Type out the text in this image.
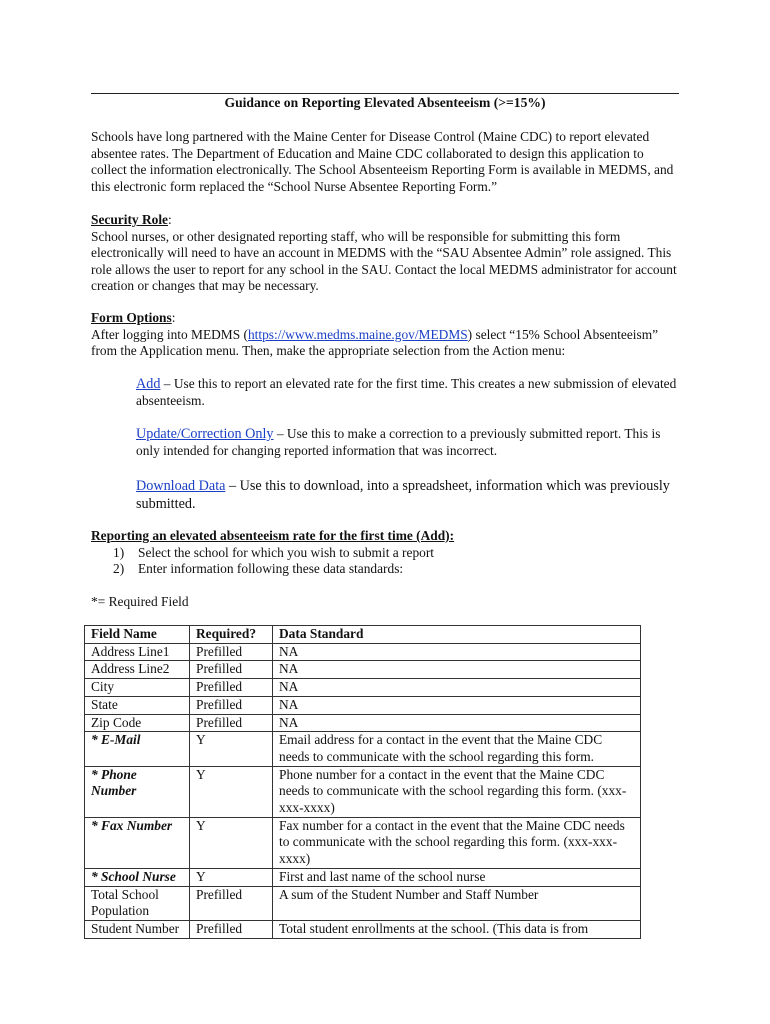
Guidance on Reporting Elevated Absenteeism (>=15%)

Schools have long partnered with the Maine Center for Disease Control (Maine CDC) to report elevated absentee rates. The Department of Education and Maine CDC collaborated to design this application to collect the information electronically. The School Absenteeism Reporting Form is available in MEDMS, and this electronic form replaced the “School Nurse Absentee Reporting Form.”

Security Role:
School nurses, or other designated reporting staff, who will be responsible for submitting this form electronically will need to have an account in MEDMS with the “SAU Absentee Admin” role assigned. This role allows the user to report for any school in the SAU. Contact the local MEDMS administrator for account creation or changes that may be necessary.
Form Options:
After logging into MEDMS (https://www.medms.maine.gov/MEDMS) select “15% School Absenteeism” from the Application menu. Then, make the appropriate selection from the Action menu:

Add – Use this to report an elevated rate for the first time. This creates a new submission of elevated absenteeism.

Update/Correction Only – Use this to make a correction to a previously submitted report. This is only intended for changing reported information that was incorrect.

Download Data – Use this to download, into a spreadsheet, information which was previously submitted.

Reporting an elevated absenteeism rate for the first time (Add):
1) Select the school for which you wish to submit a report
2) Enter information following these data standards:
*= Required Field
Field Name	Required?	Data Standard
Address Line1	Prefilled	NA
Address Line2	Prefilled	NA
City	Prefilled	NA
State	Prefilled	NA
Zip Code	Prefilled	NA
* E-Mail	Y	Email address for a contact in the event that the Maine CDC needs to communicate with the school regarding this form.
* Phone Number	Y	Phone number for a contact in the event that the Maine CDC needs to communicate with the school regarding this form. (xxx-xxx-xxxx)
* Fax Number	Y	Fax number for a contact in the event that the Maine CDC needs to communicate with the school regarding this form. (xxx-xxx-xxxx)
* School Nurse	Y	First and last name of the school nurse
Total School Population	Prefilled	A sum of the Student Number and Staff Number
Student Number	Prefilled	Total student enrollments at the school. (This data is from
